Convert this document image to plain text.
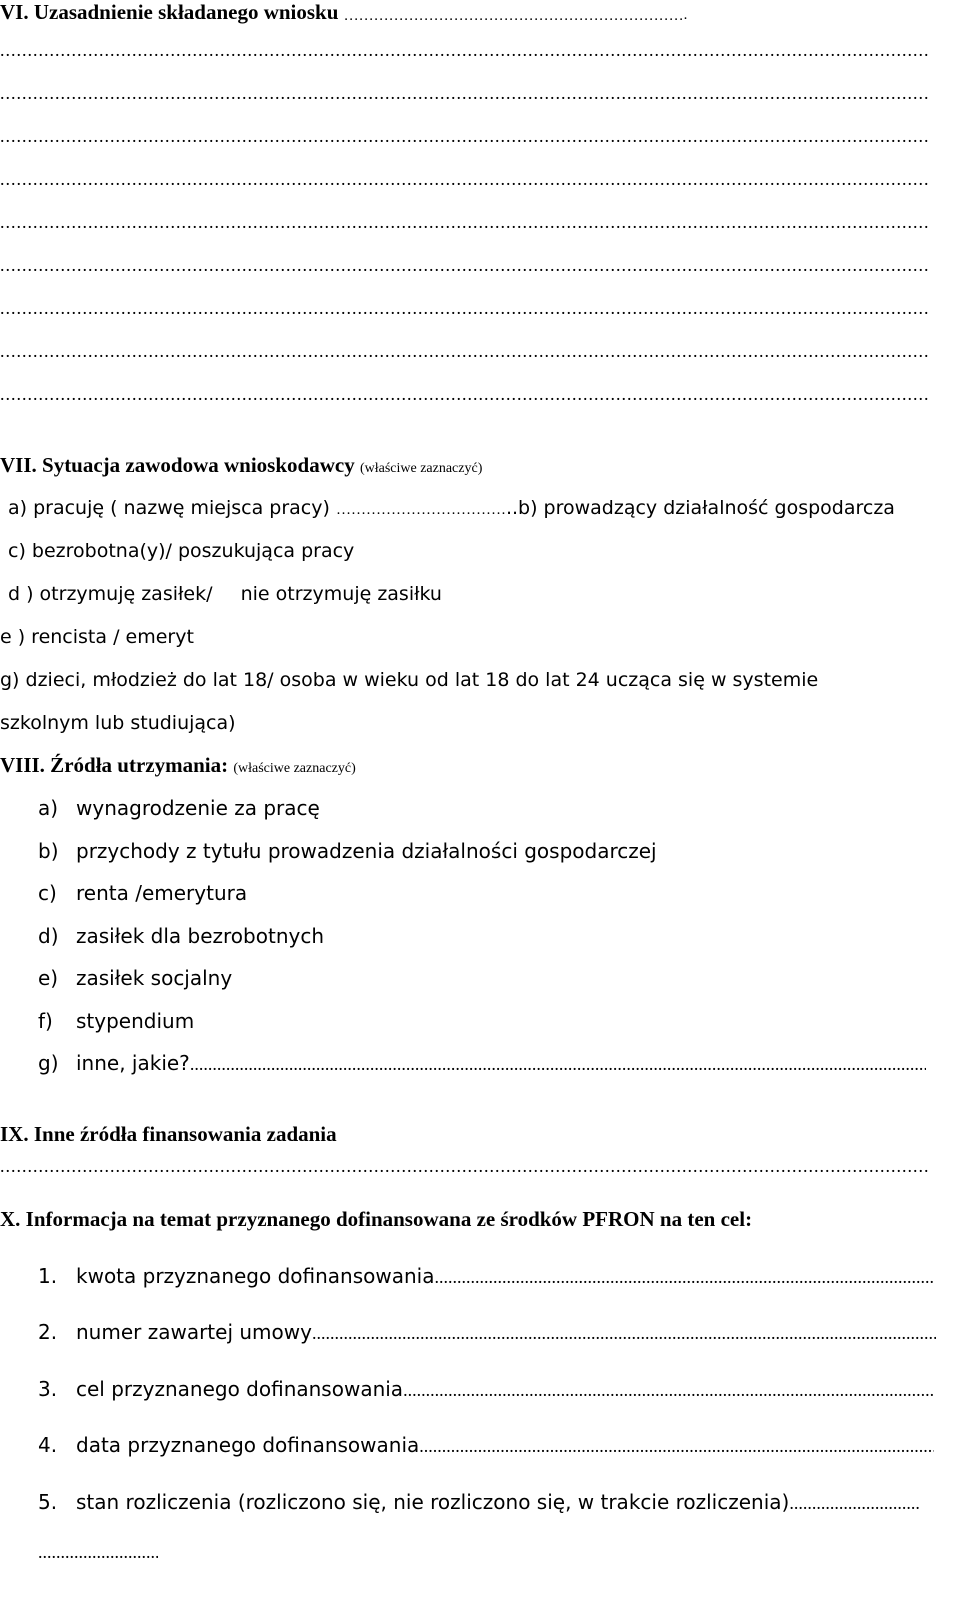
VI. Uzasadnienie składanego wniosku ………………………………………………………………………………………………………………………………………………………………	.
.....
.....
.....
.....
.....
.....
.....
.....
.....
VII. Sytuacja zawodowa wnioskodawcy (właściwe zaznaczyć)
a) pracuję ( nazwę miejsca pracy) ………………………………………………………………………………………………………………………………………………………………	..b) prowadzący działalność gospodarcza
c) bezrobotna(y)/ poszukująca pracy
d ) otrzymuję zasiłek/ nie otrzymuję zasiłku
e ) rencista / emeryt
g) dzieci, młodzież do lat 18/ osoba w wieku od lat 18 do lat 24 ucząca się w systemie
szkolnym lub studiująca)
VIII. Źródła utrzymania: (właściwe zaznaczyć)
a) wynagrodzenie za pracę
b) przychody z tytułu prowadzenia działalności gospodarczej
c) renta /emerytura
d) zasiłek dla bezrobotnych
e) zasiłek socjalny
f) stypendium
g) inne, jakie?.....
IX. Inne źródła finansowania zadania
.....
X. Informacja na temat przyznanego dofinansowana ze środków PFRON na ten cel:
1. kwota przyznanego dofinansowania.....
2. numer zawartej umowy.....
3. cel przyznanego dofinansowania.....
4. data przyznanego dofinansowania.....
5. stan rozliczenia (rozliczono się, nie rozliczono się, w trakcie rozliczenia).....
.....
